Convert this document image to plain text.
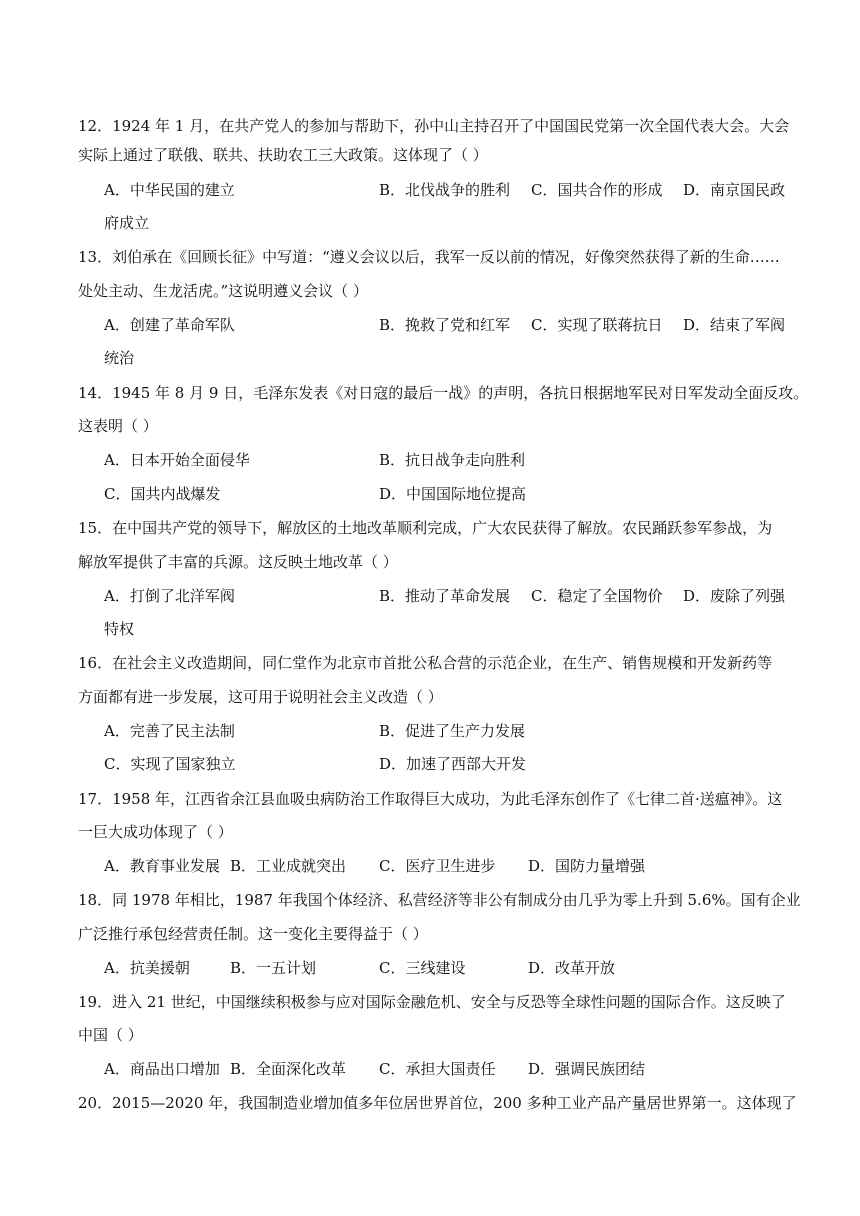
12．1924 年 1 月，在共产党人的参加与帮助下，孙中山主持召开了中国国民党第一次全国代表大会。大会
实际上通过了联俄、联共、扶助农工三大政策。这体现了（ ）
A．中华民国的建立	B．北伐战争的胜利 C．国共合作的形成 D．南京国民政
府成立
13．刘伯承在《回顾长征》中写道：“遵义会议以后，我军一反以前的情况，好像突然获得了新的生命……
处处主动、生龙活虎。”这说明遵义会议（ ）
A．创建了革命军队	B．挽救了党和红军 C．实现了联蒋抗日 D．结束了军阀
统治
14．1945 年 8 月 9 日，毛泽东发表《对日寇的最后一战》的声明，各抗日根据地军民对日军发动全面反攻。
这表明（ ）
A．日本开始全面侵华	B．抗日战争走向胜利
C．国共内战爆发	D．中国国际地位提高
15．在中国共产党的领导下，解放区的土地改革顺利完成，广大农民获得了解放。农民踊跃参军参战，为
解放军提供了丰富的兵源。这反映土地改革（ ）
A．打倒了北洋军阀	B．推动了革命发展 C．稳定了全国物价 D．废除了列强
特权
16．在社会主义改造期间，同仁堂作为北京市首批公私合营的示范企业，在生产、销售规模和开发新药等
方面都有进一步发展，这可用于说明社会主义改造（ ）
A．完善了民主法制	B．促进了生产力发展
C．实现了国家独立	D．加速了西部大开发
17．1958 年，江西省余江县血吸虫病防治工作取得巨大成功，为此毛泽东创作了《七律二首·送瘟神》。这
一巨大成功体现了（ ）
A．教育事业发展 B．工业成就突出 C．医疗卫生进步 D．国防力量增强
18．同 1978 年相比，1987 年我国个体经济、私营经济等非公有制成分由几乎为零上升到 5.6%。国有企业
广泛推行承包经营责任制。这一变化主要得益于（ ）
A．抗美援朝	B．一五计划	C．三线建设	D．改革开放
19．进入 21 世纪，中国继续积极参与应对国际金融危机、安全与反恐等全球性问题的国际合作。这反映了
中国（ ）
A．商品出口增加 B．全面深化改革 C．承担大国责任 D．强调民族团结
20．2015—2020 年，我国制造业增加值多年位居世界首位，200 多种工业产品产量居世界第一。这体现了
